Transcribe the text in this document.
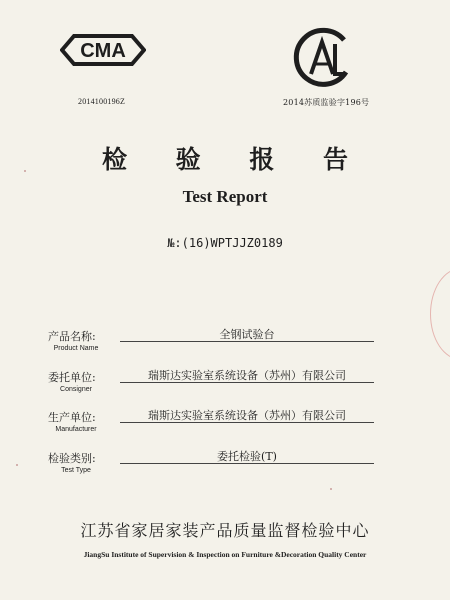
CMA
CAL
2014100196Z	2014苏质监验字196号
检 验 报 告
Test Report
№:(16)WPTJJZ0189
产品名称:
Product Name
全钢试验台
委托单位:
Consigner
瑞斯达实验室系统设备（苏州）有限公司
生产单位:
Manufacturer
瑞斯达实验室系统设备（苏州）有限公司
检验类别:
Test Type
委托检验(T)
江苏省家居家装产品质量监督检验中心
JiangSu Institute of Supervision & Inspection on Furniture &Decoration Quality Center
